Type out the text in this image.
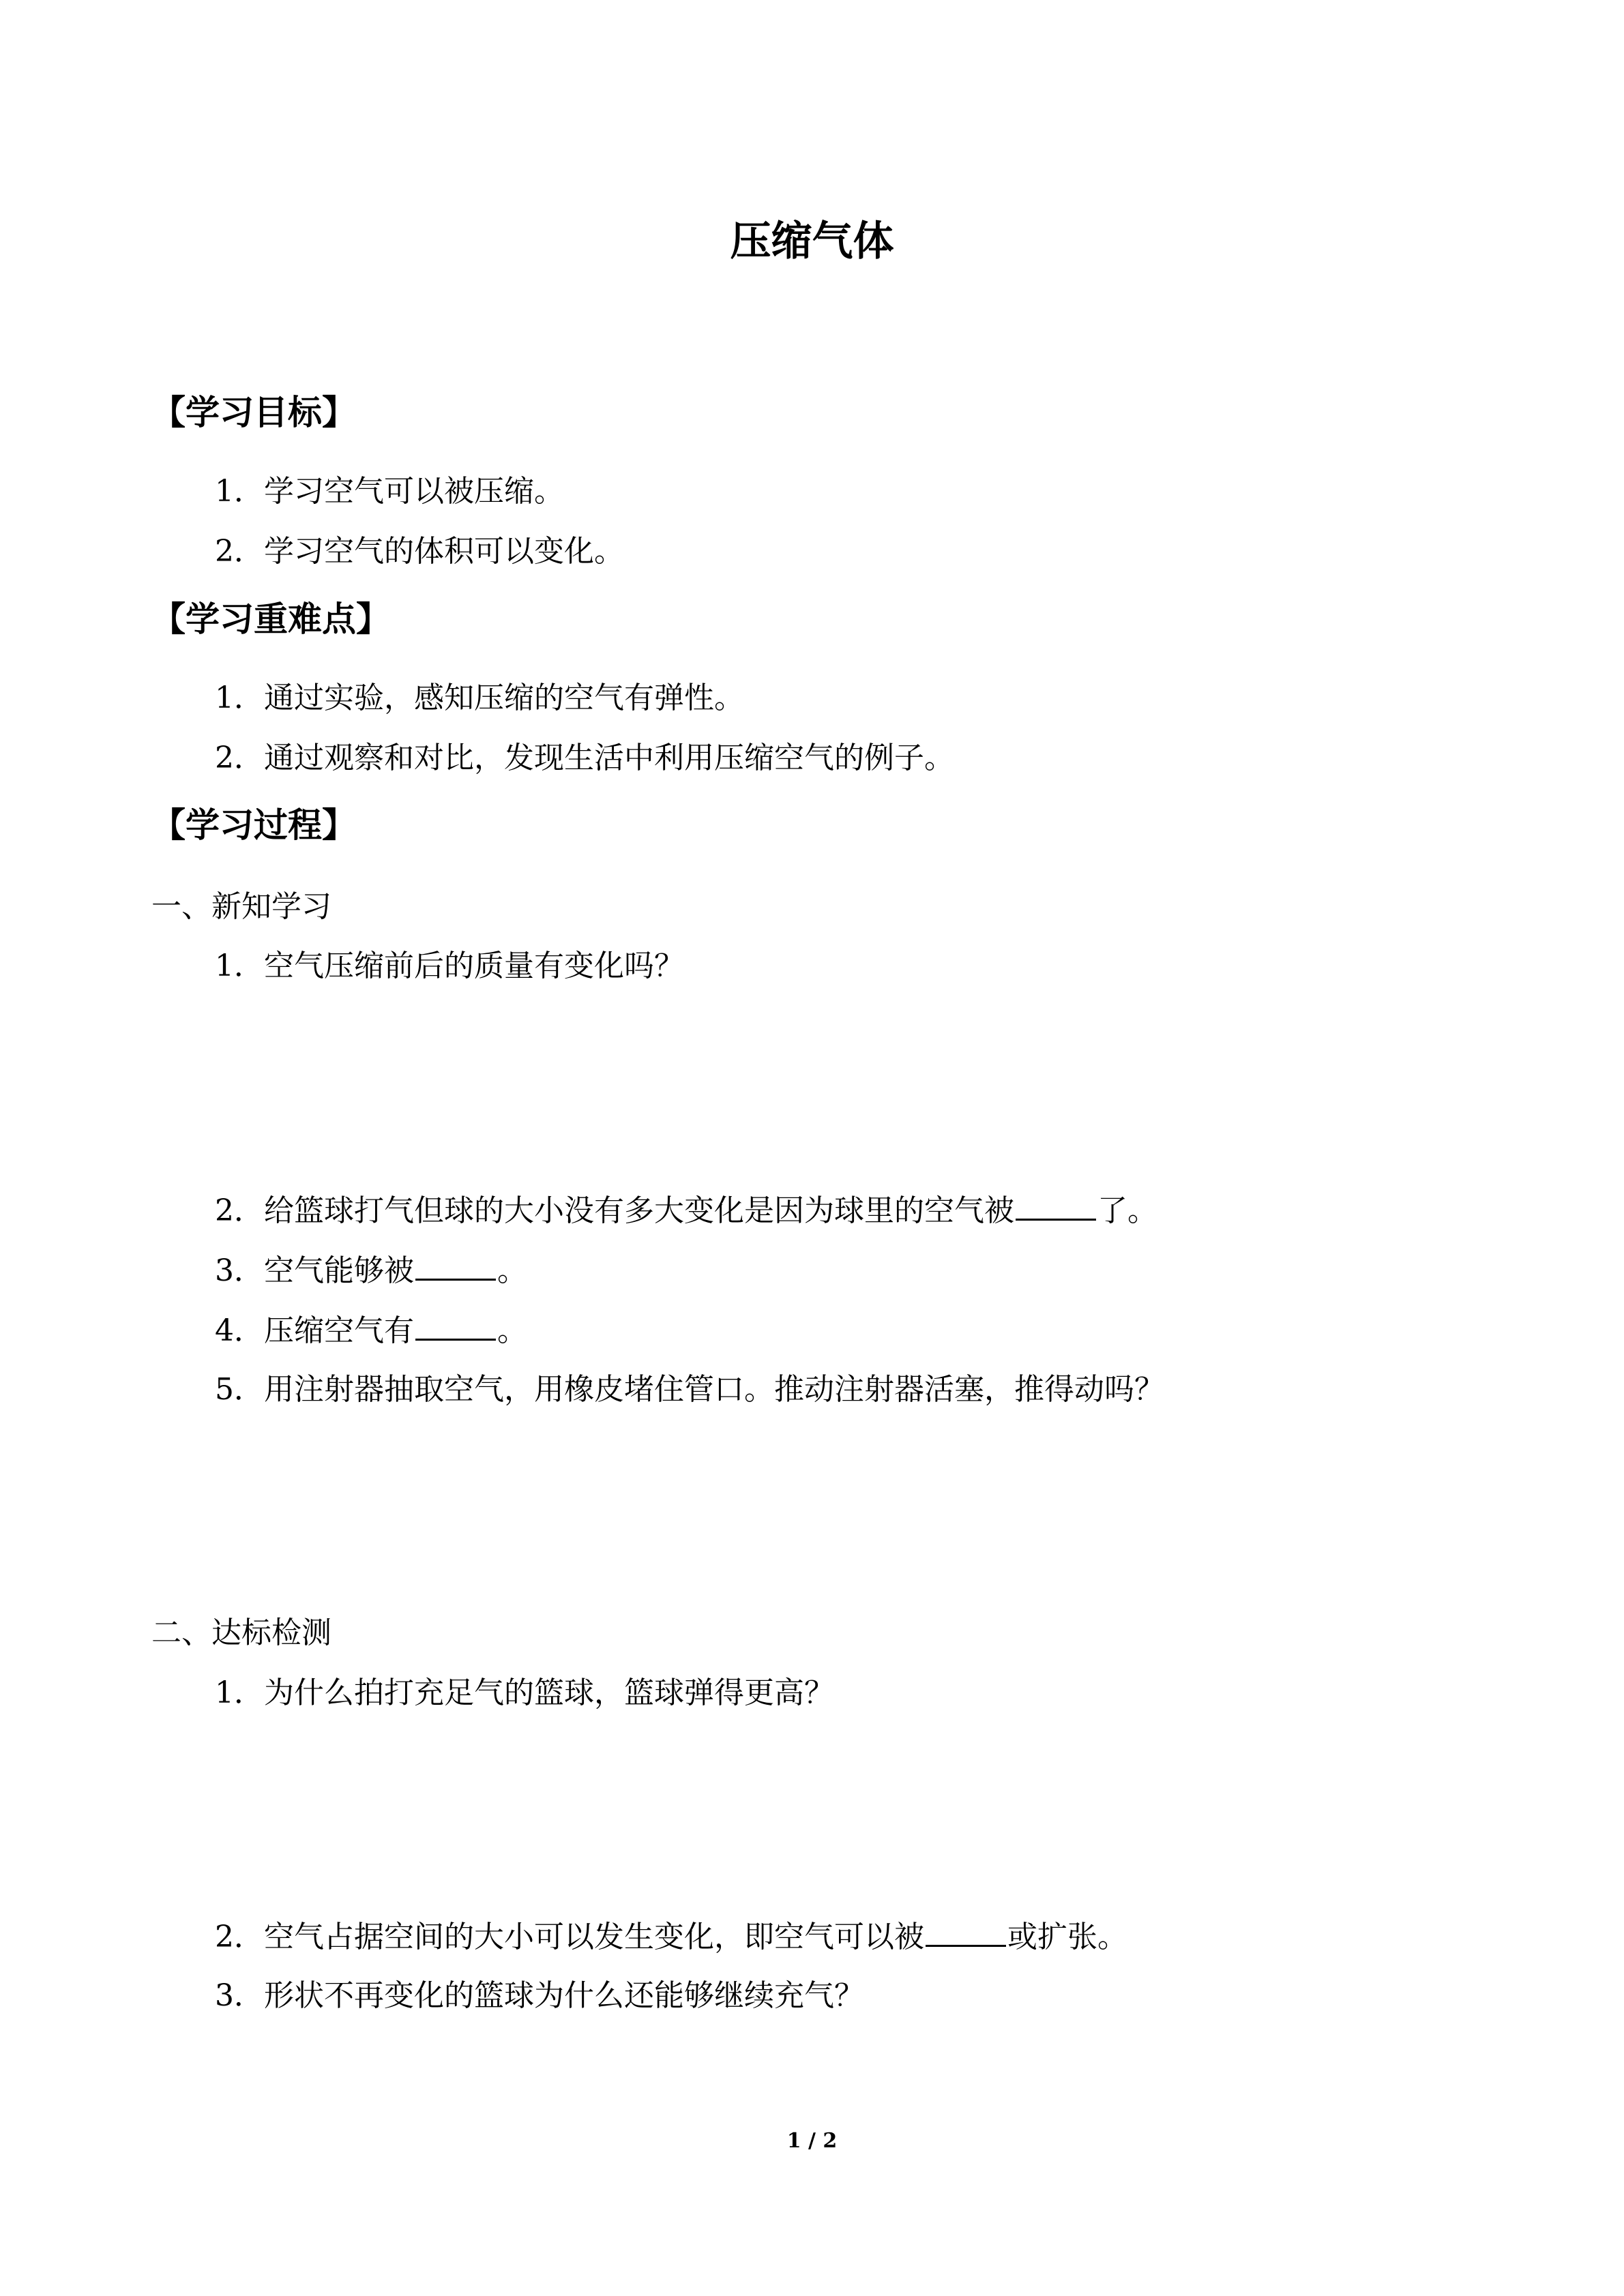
压缩气体
【学习目标】
1．学习空气可以被压缩。
2．学习空气的体积可以变化。
【学习重难点】
1．通过实验，感知压缩的空气有弹性。
2．通过观察和对比，发现生活中利用压缩空气的例子。
【学习过程】
一、新知学习
1．空气压缩前后的质量有变化吗？
2．给篮球打气但球的大小没有多大变化是因为球里的空气被	了。
3．空气能够被	。
4．压缩空气有	。
5．用注射器抽取空气，用橡皮堵住管口。推动注射器活塞，推得动吗？
二、达标检测
1．为什么拍打充足气的篮球，篮球弹得更高？
2．空气占据空间的大小可以发生变化，即空气可以被	或扩张。
3．形状不再变化的篮球为什么还能够继续充气？
1 / 2
